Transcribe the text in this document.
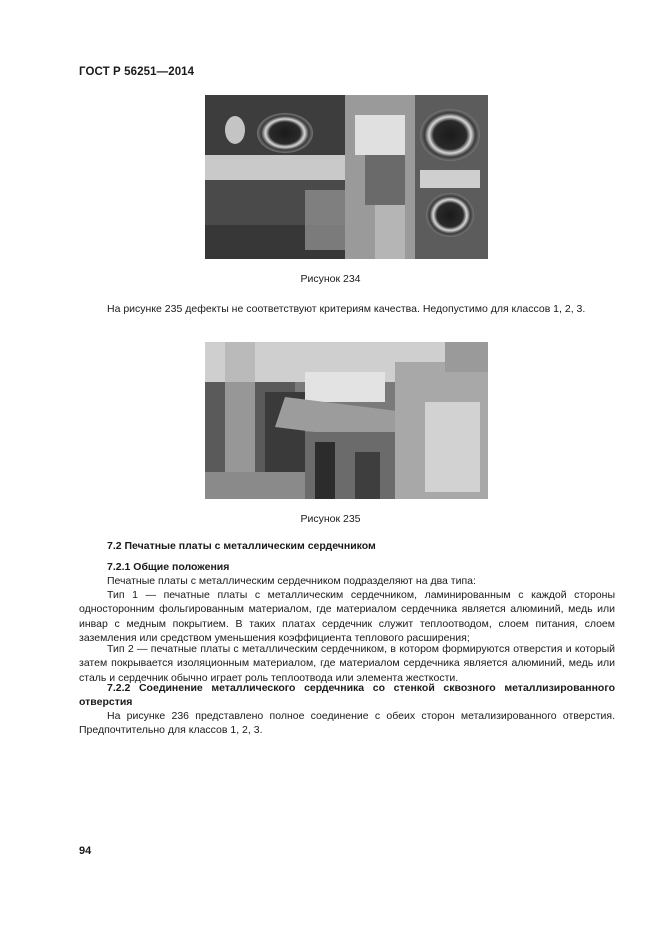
ГОСТ Р 56251—2014
Рисунок 234
На рисунке 235 дефекты не соответствуют критериям качества. Недопустимо для классов 1, 2, 3.
Рисунок 235
7.2 Печатные платы с металлическим сердечником
7.2.1 Общие положения
Печатные платы с металлическим сердечником подразделяют на два типа:
Тип 1 — печатные платы с металлическим сердечником, ламинированным с каждой стороны односторонним фольгированным материалом, где материалом сердечника является алюминий, медь или инвар с медным покрытием. В таких платах сердечник служит теплоотводом, слоем питания, слоем заземления или средством уменьшения коэффициента теплового расширения;
Тип 2 — печатные платы с металлическим сердечником, в котором формируются отверстия и который затем покрывается изоляционным материалом, где материалом сердечника является алюминий, медь или сталь и сердечник обычно играет роль теплоотвода или элемента жесткости.
7.2.2 Соединение металлического сердечника со стенкой сквозного металлизированного отверстия
На рисунке 236 представлено полное соединение с обеих сторон метализированного отверстия. Предпочтительно для классов 1, 2, 3.
94
